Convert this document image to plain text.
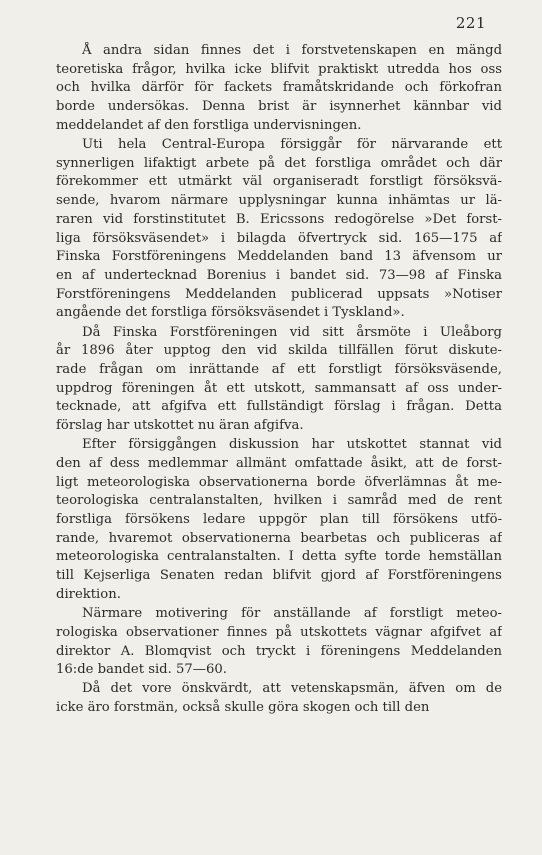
221
Å andra sidan finnes det i forstvetenskapen en mängd
teoretiska frågor, hvilka icke blifvit praktiskt utredda hos oss
och hvilka därför för fackets framåtskridande och förkofran
borde undersökas. Denna brist är isynnerhet kännbar vid
meddelandet af den forstliga undervisningen.
Uti hela Central-Europa försiggår för närvarande ett
synnerligen lifaktigt arbete på det forstliga området och där
förekommer ett utmärkt väl organiseradt forstligt försöksvä-
sende, hvarom närmare upplysningar kunna inhämtas ur lä-
raren vid forstinstitutet B. Ericssons redogörelse »Det forst-
liga försöksväsendet» i bilagda öfvertryck sid. 165—175 af
Finska Forstföreningens Meddelanden band 13 äfvensom ur
en af undertecknad Borenius i bandet sid. 73—98 af Finska
Forstföreningens Meddelanden publicerad uppsats »Notiser
angående det forstliga försöksväsendet i Tyskland».
Då Finska Forstföreningen vid sitt årsmöte i Uleåborg
år 1896 åter upptog den vid skilda tillfällen förut diskute-
rade frågan om inrättande af ett forstligt försöksväsende,
uppdrog föreningen åt ett utskott, sammansatt af oss under-
tecknade, att afgifva ett fullständigt förslag i frågan. Detta
förslag har utskottet nu äran afgifva.
Efter försiggången diskussion har utskottet stannat vid
den af dess medlemmar allmänt omfattade åsikt, att de forst-
ligt meteorologiska observationerna borde öfverlämnas åt me-
teorologiska centralanstalten, hvilken i samråd med de rent
forstliga försökens ledare uppgör plan till försökens utfö-
rande, hvaremot observationerna bearbetas och publiceras af
meteorologiska centralanstalten. I detta syfte torde hemställan
till Kejserliga Senaten redan blifvit gjord af Forstföreningens
direktion.
Närmare motivering för anställande af forstligt meteo-
rologiska observationer finnes på utskottets vägnar afgifvet af
direktor A. Blomqvist och tryckt i föreningens Meddelanden
16:de bandet sid. 57—60.
Då det vore önskvärdt, att vetenskapsmän, äfven om de
icke äro forstmän, också skulle göra skogen och till den
